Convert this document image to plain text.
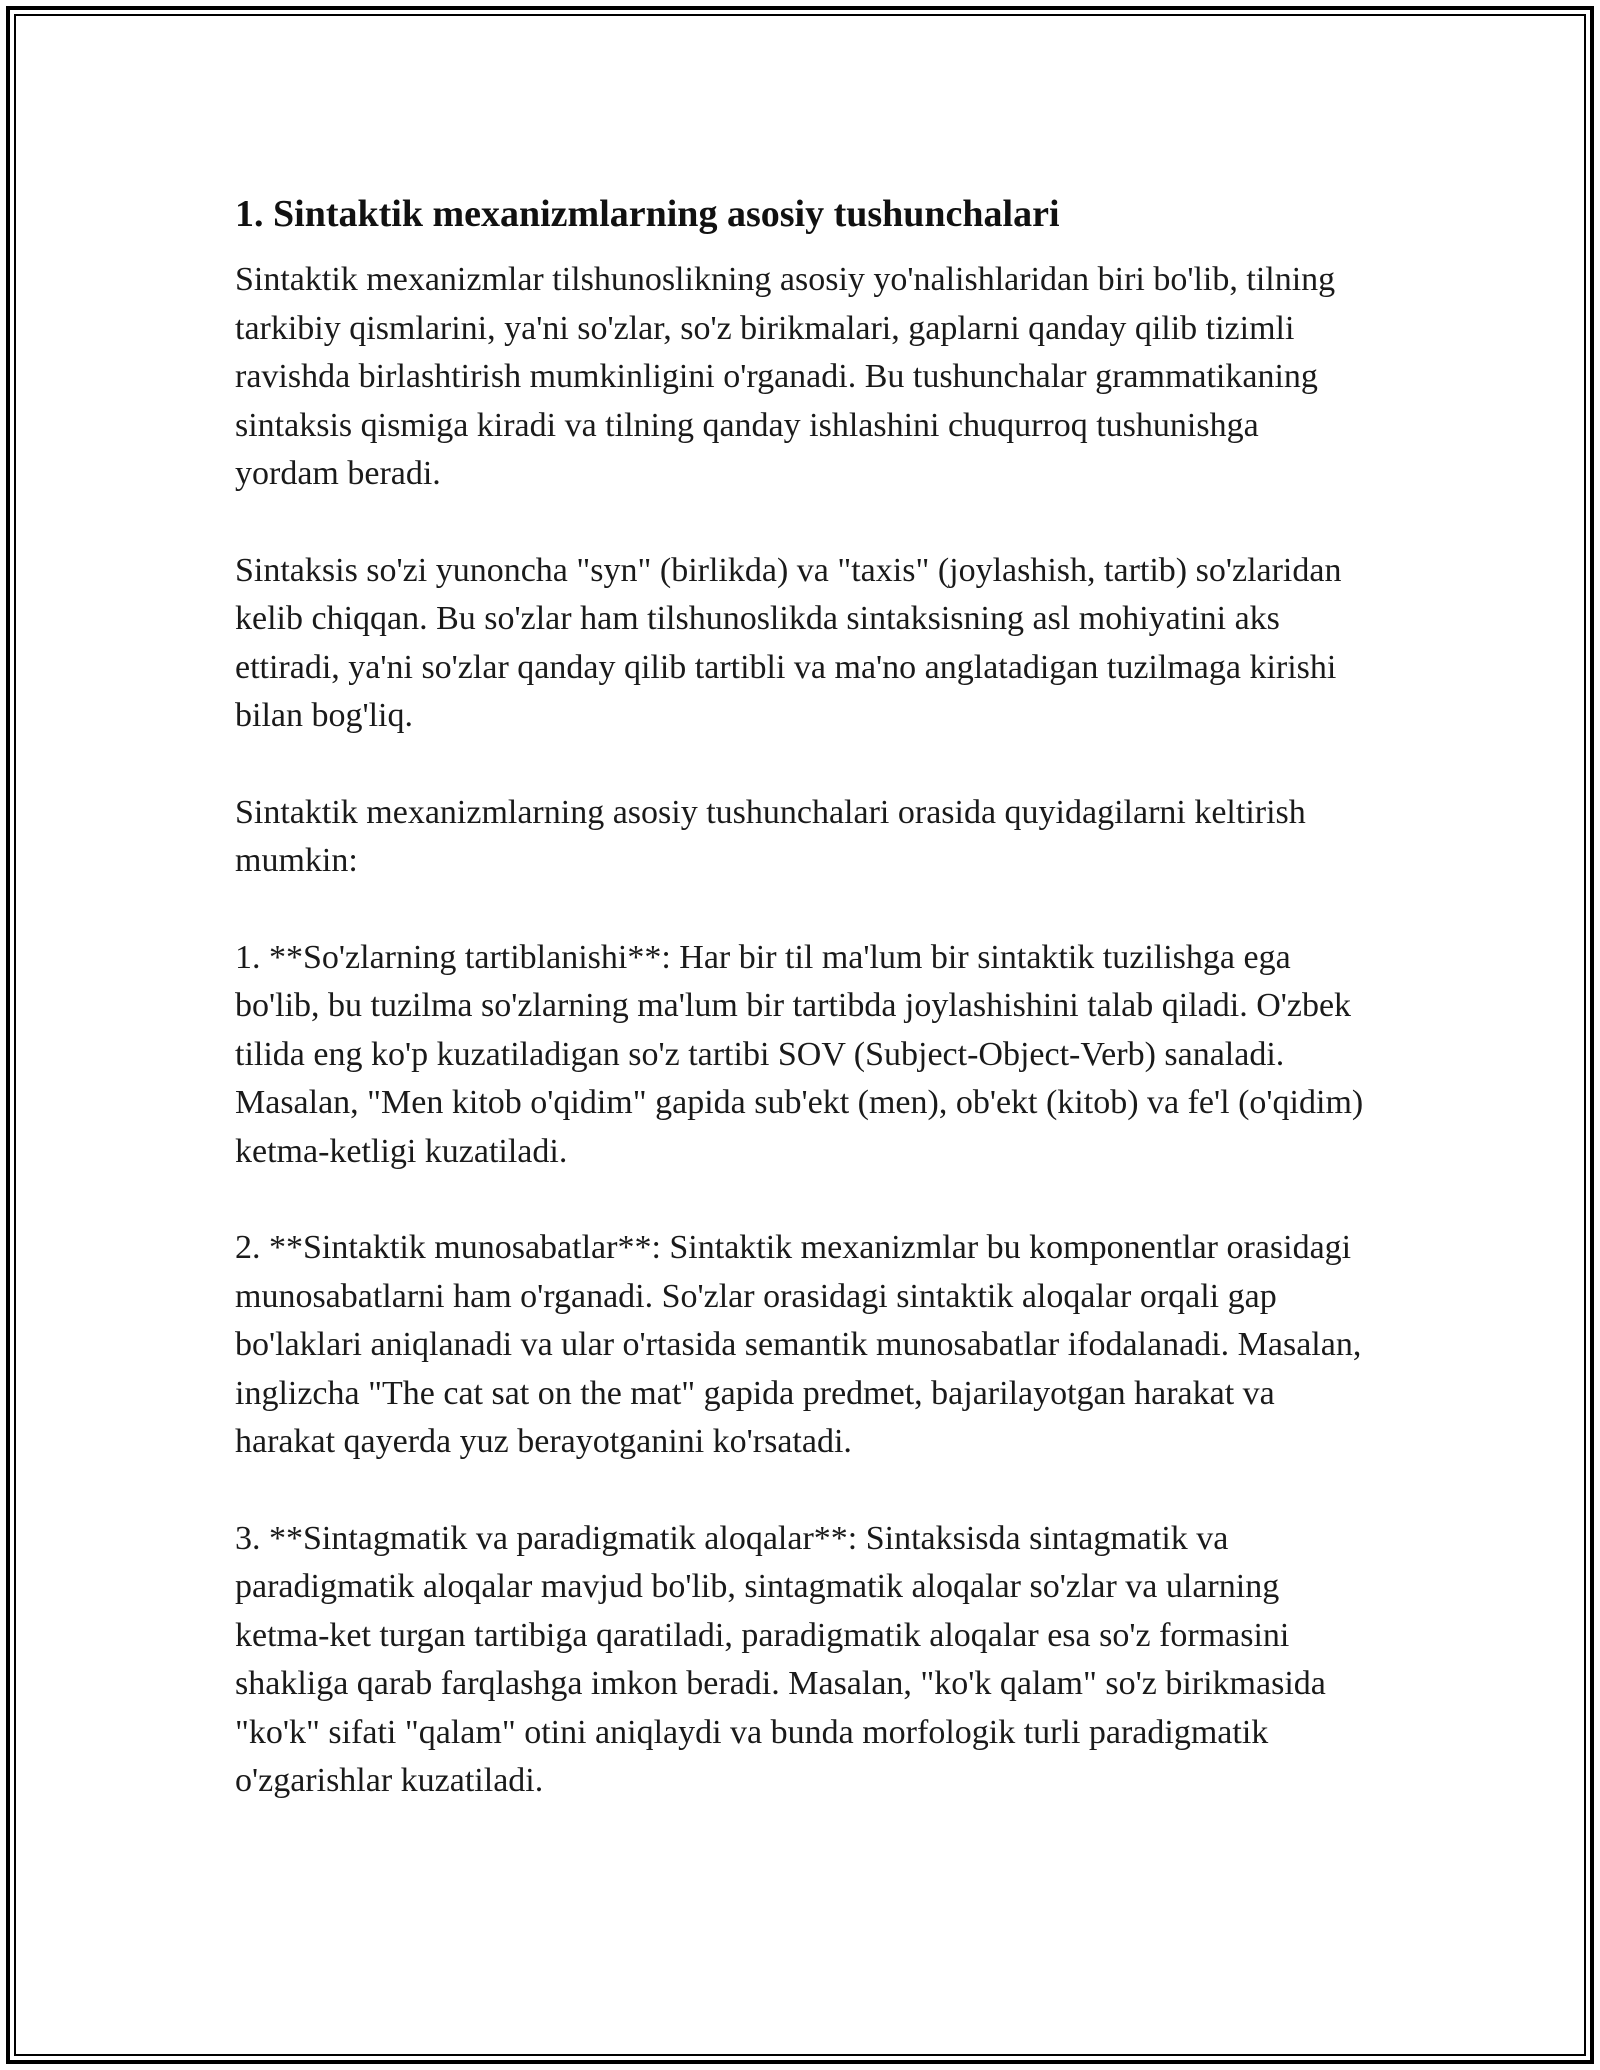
1. Sintaktik mexanizmlarning asosiy tushunchalari

Sintaktik mexanizmlar tilshunoslikning asosiy yo'nalishlaridan biri bo'lib, tilning tarkibiy qismlarini, ya'ni so'zlar, so'z birikmalari, gaplarni qanday qilib tizimli ravishda birlashtirish mumkinligini o'rganadi. Bu tushunchalar grammatikaning sintaksis qismiga kiradi va tilning qanday ishlashini chuqurroq tushunishga yordam beradi.

Sintaksis so'zi yunoncha "syn" (birlikda) va "taxis" (joylashish, tartib) so'zlaridan kelib chiqqan. Bu so'zlar ham tilshunoslikda sintaksisning asl mohiyatini aks ettiradi, ya'ni so'zlar qanday qilib tartibli va ma'no anglatadigan tuzilmaga kirishi bilan bog'liq.

Sintaktik mexanizmlarning asosiy tushunchalari orasida quyidagilarni keltirish mumkin:

1. **So'zlarning tartiblanishi**: Har bir til ma'lum bir sintaktik tuzilishga ega bo'lib, bu tuzilma so'zlarning ma'lum bir tartibda joylashishini talab qiladi. O'zbek tilida eng ko'p kuzatiladigan so'z tartibi SOV (Subject-Object-Verb) sanaladi. Masalan, "Men kitob o'qidim" gapida sub'ekt (men), ob'ekt (kitob) va fe'l (o'qidim) ketma-ketligi kuzatiladi.

2. **Sintaktik munosabatlar**: Sintaktik mexanizmlar bu komponentlar orasidagi munosabatlarni ham o'rganadi. So'zlar orasidagi sintaktik aloqalar orqali gap bo'laklari aniqlanadi va ular o'rtasida semantik munosabatlar ifodalanadi. Masalan, inglizcha "The cat sat on the mat" gapida predmet, bajarilayotgan harakat va harakat qayerda yuz berayotganini ko'rsatadi.

3. **Sintagmatik va paradigmatik aloqalar**: Sintaksisda sintagmatik va paradigmatik aloqalar mavjud bo'lib, sintagmatik aloqalar so'zlar va ularning ketma-ket turgan tartibiga qaratiladi, paradigmatik aloqalar esa so'z formasini shakliga qarab farqlashga imkon beradi. Masalan, "ko'k qalam" so'z birikmasida "ko'k" sifati "qalam" otini aniqlaydi va bunda morfologik turli paradigmatik o'zgarishlar kuzatiladi.
